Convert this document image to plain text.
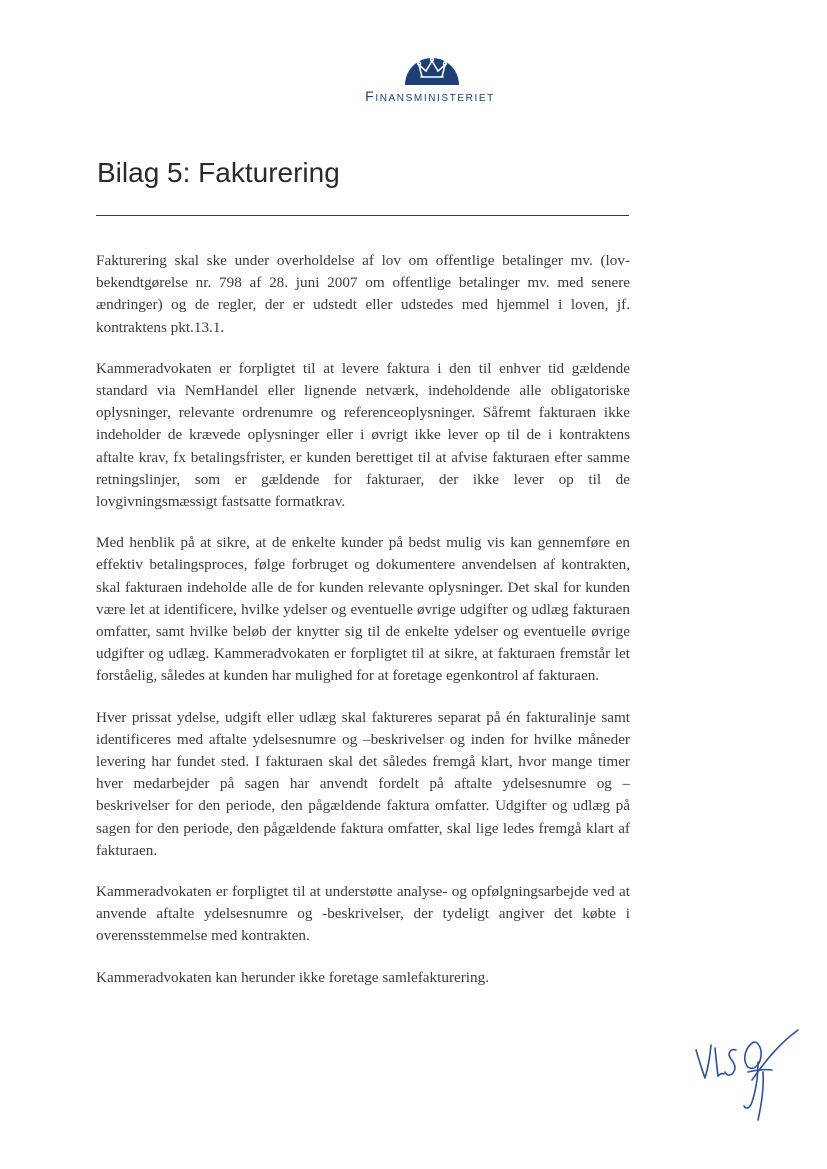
Finansministeriet
Bilag 5: Fakturering

Fakturering skal ske under overholdelse af lov om offentlige betalinger mv. (lovbekendtgørelse nr. 798 af 28. juni 2007 om offentlige betalinger mv. med senere ændringer) og de regler, der er udstedt eller udstedes med hjemmel i loven, jf. kontraktens pkt.13.1.

Kammeradvokaten er forpligtet til at levere faktura i den til enhver tid gældende standard via NemHandel eller lignende netværk, indeholdende alle obligatoriske oplysninger, relevante ordrenumre og referenceoplysninger. Såfremt fakturaen ikke indeholder de krævede oplysninger eller i øvrigt ikke lever op til de i kontraktens aftalte krav, fx betalingsfrister, er kunden berettiget til at afvise fakturaen efter samme retningslinjer, som er gældende for fakturaer, der ikke lever op til de lovgivningsmæssigt fastsatte formatkrav.

Med henblik på at sikre, at de enkelte kunder på bedst mulig vis kan gennemføre en effektiv betalingsproces, følge forbruget og dokumentere anvendelsen af kontrakten, skal fakturaen indeholde alle de for kunden relevante oplysninger. Det skal for kunden være let at identificere, hvilke ydelser og eventuelle øvrige udgifter og udlæg fakturaen omfatter, samt hvilke beløb der knytter sig til de enkelte ydelser og eventuelle øvrige udgifter og udlæg. Kammeradvokaten er forpligtet til at sikre, at fakturaen fremstår let forståelig, således at kunden har mulighed for at foretage egenkontrol af fakturaen.

Hver prissat ydelse, udgift eller udlæg skal faktureres separat på én fakturalinje samt identificeres med aftalte ydelsesnumre og –beskrivelser og inden for hvilke måneder levering har fundet sted. I fakturaen skal det således fremgå klart, hvor mange timer hver medarbejder på sagen har anvendt fordelt på aftalte ydelsesnumre og – beskrivelser for den periode, den pågældende faktura omfatter. Udgifter og udlæg på sagen for den periode, den pågældende faktura omfatter, skal lige ledes fremgå klart af fakturaen.

Kammeradvokaten er forpligtet til at understøtte analyse- og opfølgningsarbejde ved at anvende aftalte ydelsesnumre og -beskrivelser, der tydeligt angiver det købte i overensstemmelse med kontrakten.

Kammeradvokaten kan herunder ikke foretage samlefakturering.
